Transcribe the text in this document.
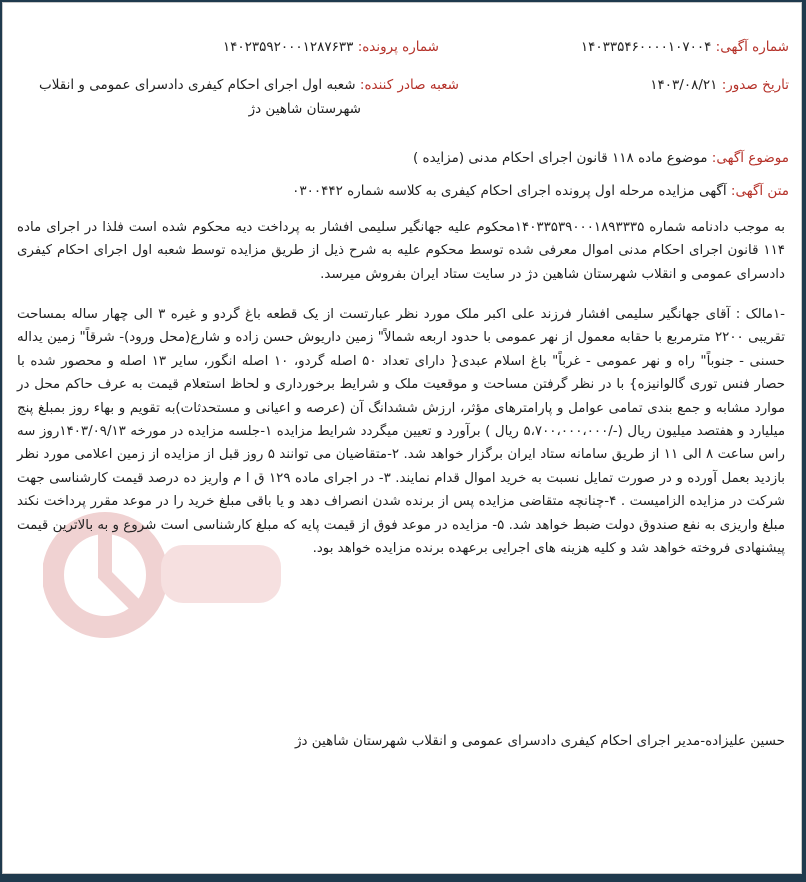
شماره آگهی: ۱۴۰۳۳۵۴۶۰۰۰۰۱۰۷۰۰۴
شماره پرونده: ۱۴۰۲۳۵۹۲۰۰۰۱۲۸۷۶۳۳
تاریخ صدور: ۱۴۰۳/۰۸/۲۱
شعبه صادر کننده: شعبه اول اجرای احکام کیفری دادسرای عمومی و انقلاب
شهرستان شاهین دژ
موضوع آگهی: موضوع ماده ۱۱۸ قانون اجرای احکام مدنی (مزایده )
متن آگهی: آگهی مزایده مرحله اول پرونده اجرای احکام کیفری به کلاسه شماره ۰۳۰۰۴۴۲
به موجب دادنامه شماره ۱۴۰۳۳۵۳۹۰۰۰۱۸۹۳۳۳۵محکوم علیه جهانگیر سلیمی افشار به پرداخت دیه محکوم شده است فلذا در اجرای ماده ۱۱۴ قانون اجرای احکام مدنی اموال معرفی شده توسط محکوم علیه به شرح ذیل از طریق مزایده توسط شعبه اول اجرای احکام کیفری دادسرای عمومی و انقلاب شهرستان شاهین دژ در سایت ستاد ایران بفروش میرسد.
-۱مالک : آقای جهانگیر سلیمی افشار فرزند علی اکبر ملک مورد نظر عبارتست از یک قطعه باغ گردو و غیره ۳ الی چهار ساله بمساحت تقریبی ۲۲۰۰ مترمربع با حقابه معمول از نهر عمومی با حدود اربعه شمالاً" زمین داریوش حسن زاده و شارع(محل ورود)- شرقاً" زمین یداله حسنی - جنوباً" راه و نهر عمومی - غرباً" باغ اسلام عبدی{ دارای تعداد ۵۰ اصله گردو، ۱۰ اصله انگور، سایر ۱۳ اصله و محصور شده با حصار فنس توری گالوانیزه} با در نظر گرفتن مساحت و موقعیت ملک و شرایط برخورداری و لحاظ استعلام قیمت به عرف حاکم محل در موارد مشابه و جمع بندی تمامی عوامل و پارامترهای مؤثر، ارزش ششدانگ آن (عرصه و اعیانی و مستحدثات)به تقویم و بهاء روز بمبلغ پنج میلیارد و هفتصد میلیون ریال (-/۵،۷۰۰،۰۰۰،۰۰۰ ریال ) برآورد و تعیین میگردد شرایط مزایده ۱-جلسه مزایده در مورخه ۱۴۰۳/۰۹/۱۳روز سه راس ساعت ۸ الی ۱۱ از طریق سامانه ستاد ایران برگزار خواهد شد. ۲-متقاضیان می توانند ۵ روز قبل از مزایده از زمین اعلامی مورد نظر بازدید بعمل آورده و در صورت تمایل نسبت به خرید اموال قدام نمایند. ۳- در اجرای ماده ۱۲۹ ق ا م واریز ده درصد قیمت کارشناسی جهت شرکت در مزایده الزامیست . ۴-چنانچه متقاضی مزایده پس از برنده شدن انصراف دهد و یا باقی مبلغ خرید را در موعد مقرر پرداخت نکند مبلغ واریزی به نفع صندوق دولت ضبط خواهد شد. ۵- مزایده در موعد فوق از قیمت پایه که مبلغ کارشناسی است شروع و به بالاترین قیمت پیشنهادی فروخته خواهد شد و کلیه هزینه های اجرایی برعهده برنده مزایده خواهد بود.
حسین علیزاده-مدیر اجرای احکام کیفری دادسرای عمومی و انقلاب شهرستان شاهین دژ
